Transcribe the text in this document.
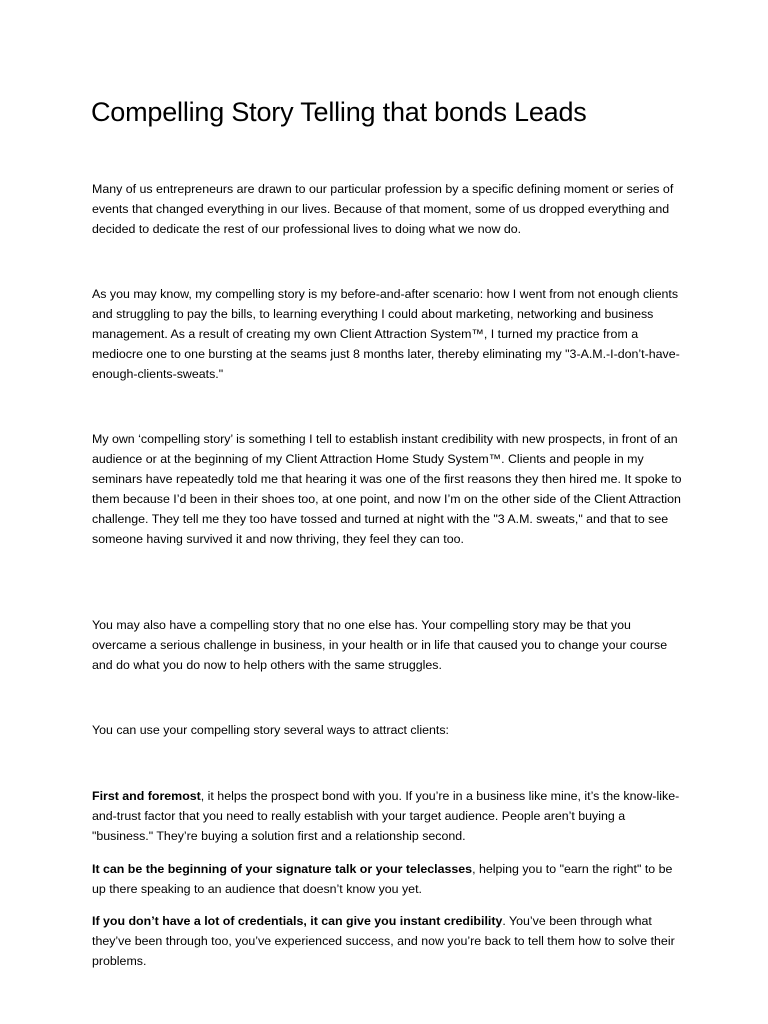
Compelling Story Telling that bonds Leads

Many of us entrepreneurs are drawn to our particular profession by a specific defining moment or series of events that changed everything in our lives. Because of that moment, some of us dropped everything and decided to dedicate the rest of our professional lives to doing what we now do.

As you may know, my compelling story is my before-and-after scenario: how I went from not enough clients and struggling to pay the bills, to learning everything I could about marketing, networking and business management. As a result of creating my own Client Attraction System™, I turned my practice from a mediocre one to one bursting at the seams just 8 months later, thereby eliminating my "3-A.M.-I-don’t-have-enough-clients-sweats."

My own ‘compelling story’ is something I tell to establish instant credibility with new prospects, in front of an audience or at the beginning of my Client Attraction Home Study System™. Clients and people in my seminars have repeatedly told me that hearing it was one of the first reasons they then hired me. It spoke to them because I’d been in their shoes too, at one point, and now I’m on the other side of the Client Attraction challenge. They tell me they too have tossed and turned at night with the "3 A.M. sweats," and that to see someone having survived it and now thriving, they feel they can too.

You may also have a compelling story that no one else has. Your compelling story may be that you overcame a serious challenge in business, in your health or in life that caused you to change your course and do what you do now to help others with the same struggles.

You can use your compelling story several ways to attract clients:

First and foremost, it helps the prospect bond with you. If you’re in a business like mine, it’s the know-like-and-trust factor that you need to really establish with your target audience. People aren’t buying a "business." They’re buying a solution first and a relationship second.

It can be the beginning of your signature talk or your teleclasses, helping you to "earn the right" to be up there speaking to an audience that doesn’t know you yet.

If you don’t have a lot of credentials, it can give you instant credibility. You’ve been through what they’ve been through too, you’ve experienced success, and now you’re back to tell them how to solve their problems.
